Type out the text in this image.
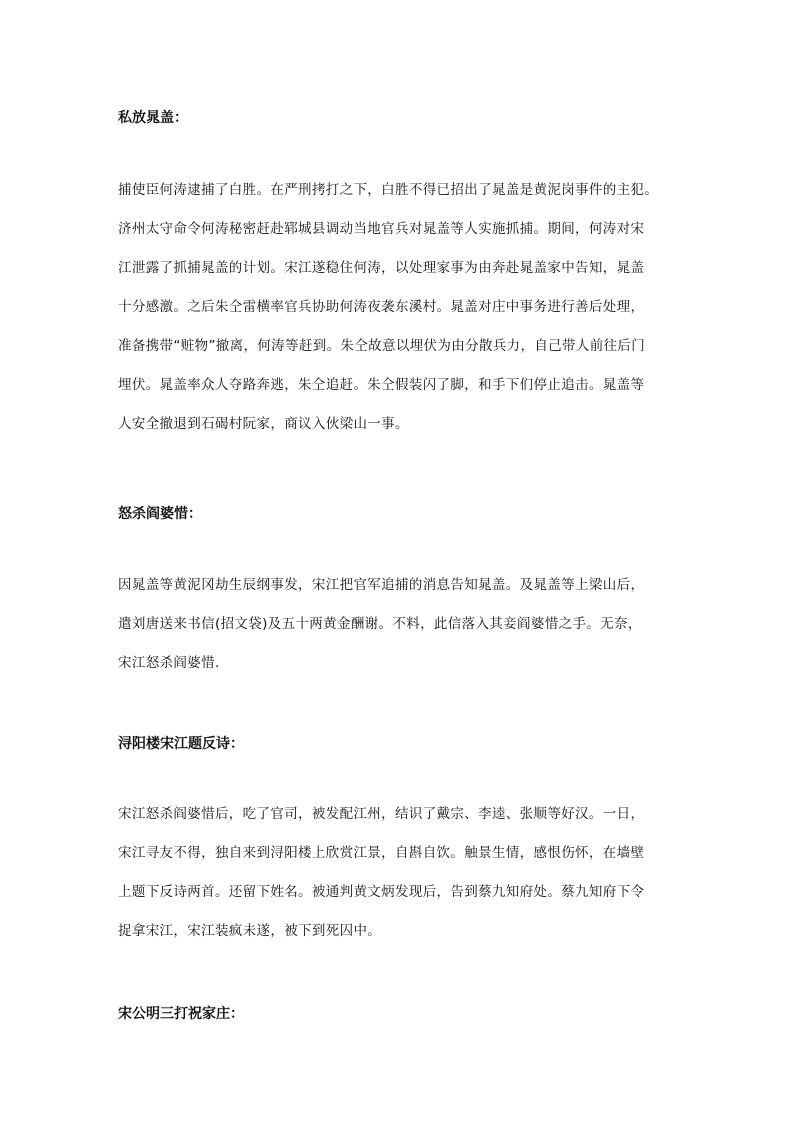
私放晁盖：
捕使臣何涛逮捕了白胜。在严刑拷打之下，白胜不得已招出了晁盖是黄泥岗事件的主犯。
济州太守命令何涛秘密赶赴郓城县调动当地官兵对晁盖等人实施抓捕。期间，何涛对宋
江泄露了抓捕晁盖的计划。宋江遂稳住何涛，以处理家事为由奔赴晁盖家中告知，晁盖
十分感激。之后朱仝雷横率官兵协助何涛夜袭东溪村。晁盖对庄中事务进行善后处理，
准备携带“赃物”撤离，何涛等赶到。朱仝故意以埋伏为由分散兵力，自己带人前往后门
埋伏。晁盖率众人夺路奔逃，朱仝追赶。朱仝假装闪了脚，和手下们停止追击。晁盖等
人安全撤退到石碣村阮家，商议入伙梁山一事。
怒杀阎婆惜：
因晁盖等黄泥冈劫生辰纲事发，宋江把官军追捕的消息告知晁盖。及晁盖等上梁山后，
遣刘唐送来书信(招文袋)及五十两黄金酬谢。不料，此信落入其妾阎婆惜之手。无奈，
宋江怒杀阎婆惜.
浔阳楼宋江题反诗：
宋江怒杀阎婆惜后，吃了官司，被发配江州，结识了戴宗、李逵、张顺等好汉。一日，
宋江寻友不得，独自来到浔阳楼上欣赏江景，自斟自饮。触景生情，感恨伤怀，在墙壁
上题下反诗两首。还留下姓名。被通判黄文炳发现后，告到蔡九知府处。蔡九知府下令
捉拿宋江，宋江装疯未遂，被下到死囚中。
宋公明三打祝家庄：
